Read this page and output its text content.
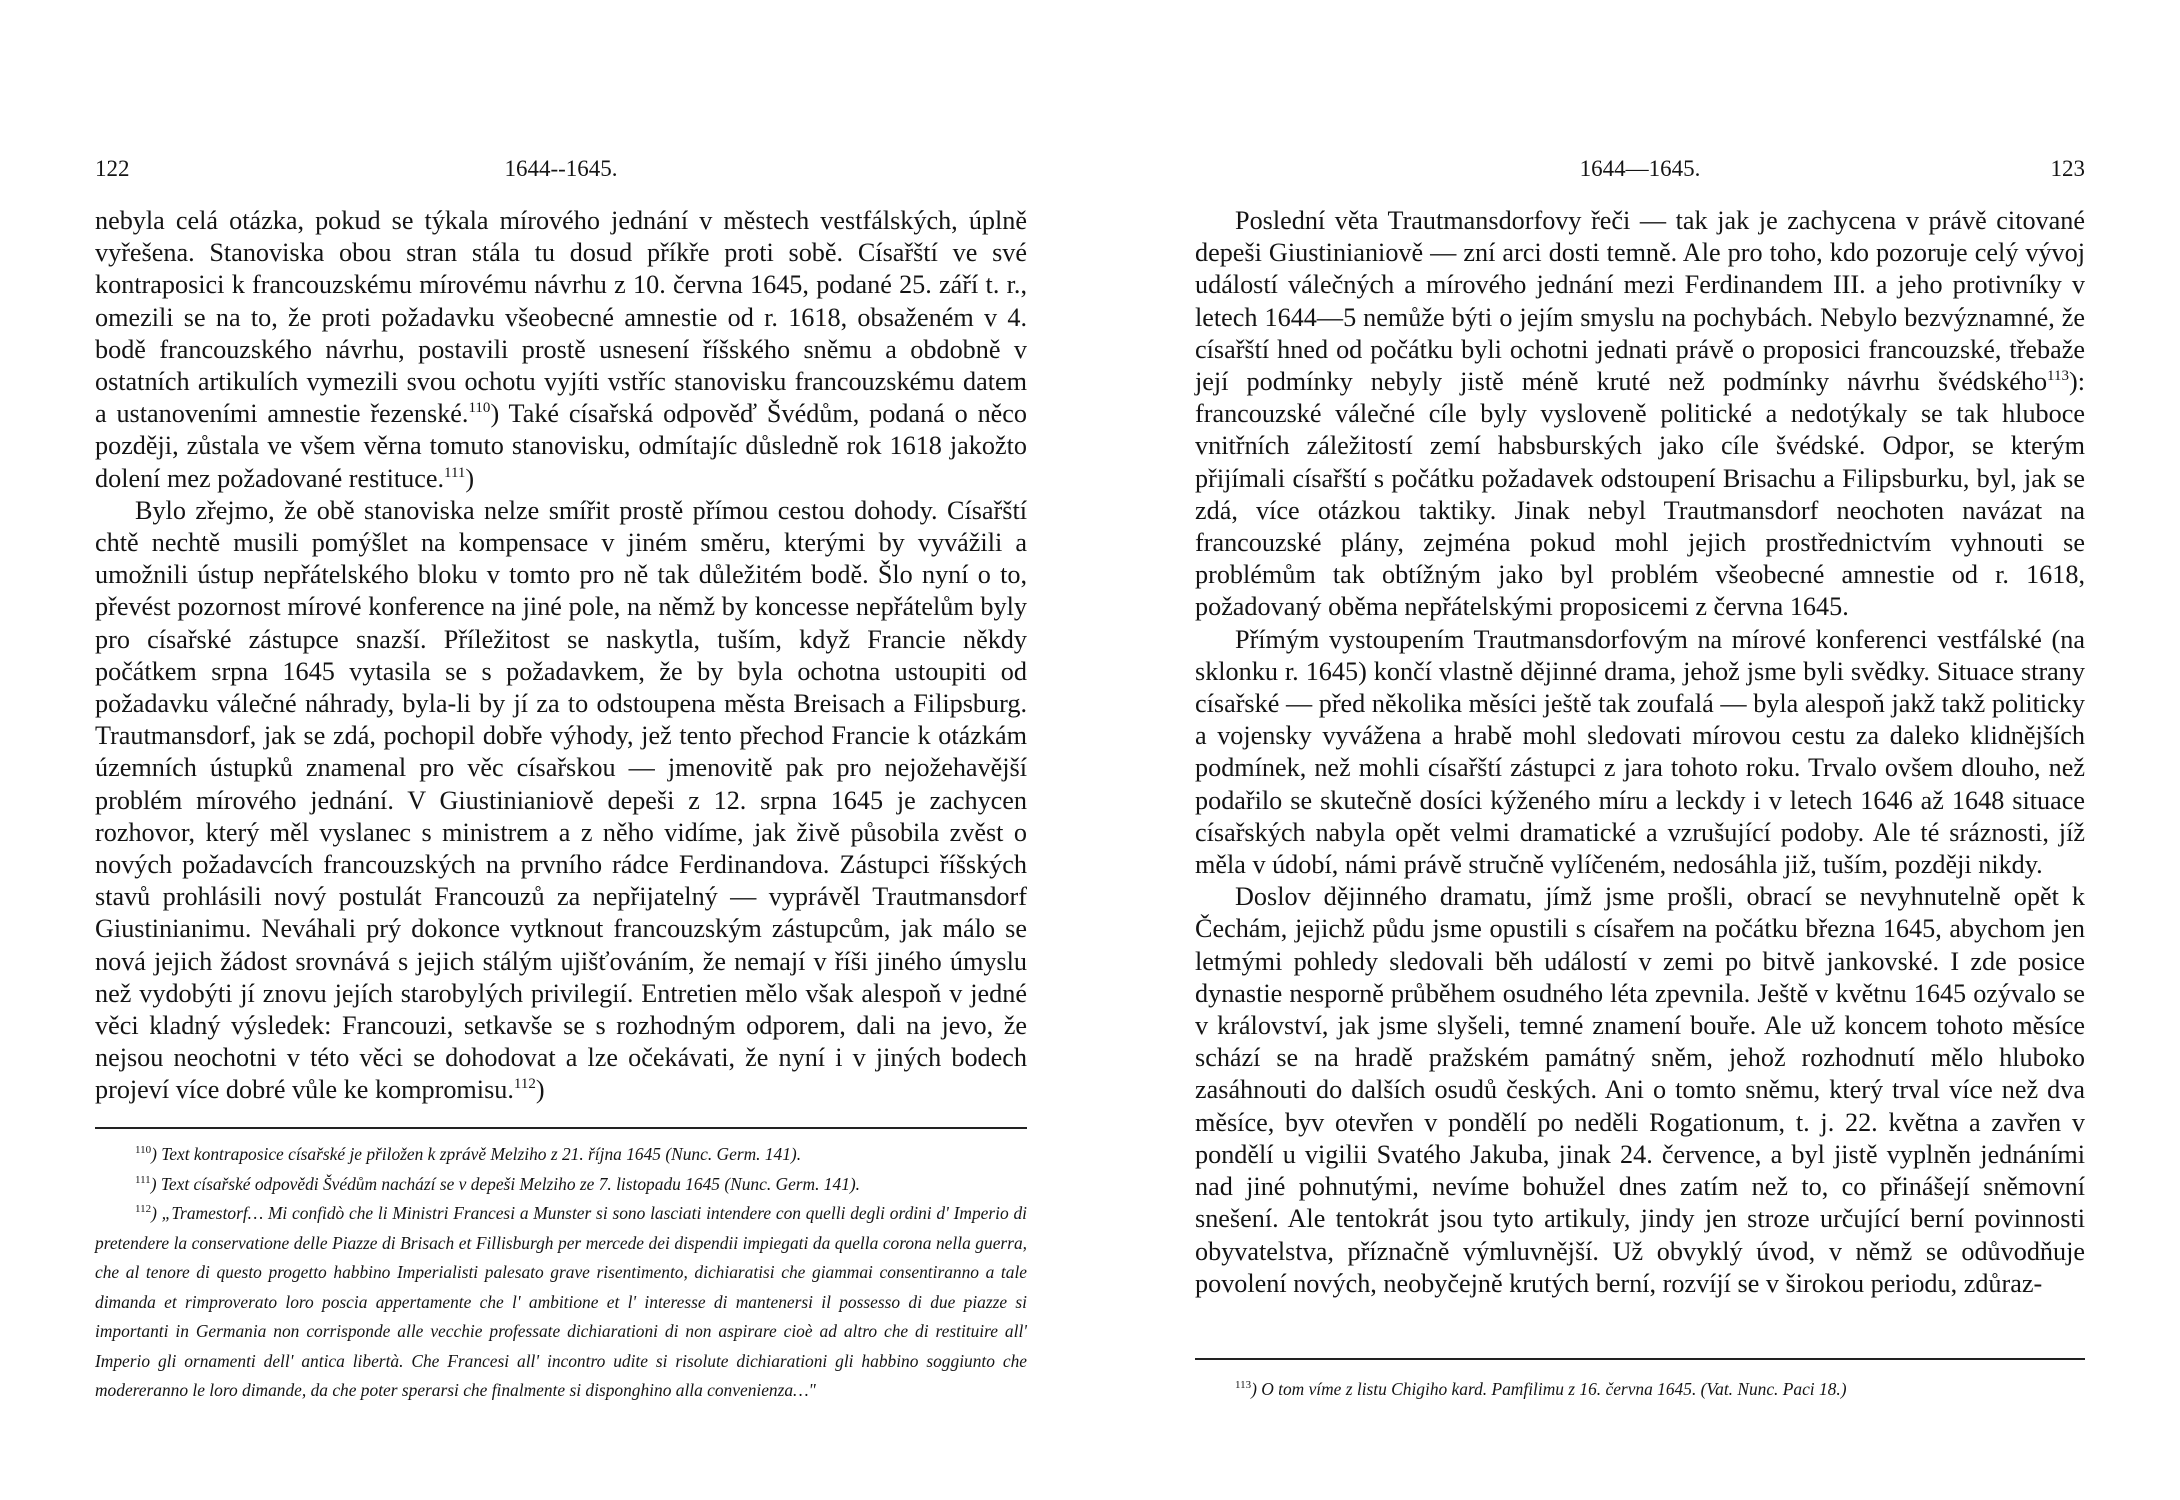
122	1644--1645.

nebyla celá otázka, pokud se týkala mírového jednání v městech vestfálských, úplně vyřešena. Stanoviska obou stran stála tu dosud příkře proti sobě. Císařští ve své kontraposici k francouzskému mírovému návrhu z 10. června 1645, podané 25. září t. r., omezili se na to, že proti požadavku všeobecné amnestie od r. 1618, obsaženém v 4. bodě francouzského návrhu, postavili prostě usnesení říšského sněmu a obdobně v ostatních artikulích vymezili svou ochotu vyjíti vstříc stanovisku francouzskému datem a ustanoveními amnestie řezenské.$^{110}$) Také císařská odpověď Švédům, podaná o něco později, zůstala ve všem věrna tomuto stanovisku, odmítajíc důsledně rok 1618 jakožto dolení mez požadované restituce.$^{111}$)

Bylo zřejmo, že obě stanoviska nelze smířit prostě přímou cestou dohody. Císařští chtě nechtě musili pomýšlet na kompensace v jiném směru, kterými by vyvážili a umožnili ústup nepřátelského bloku v tomto pro ně tak důležitém bodě. Šlo nyní o to, převést pozornost mírové konference na jiné pole, na němž by koncesse nepřátelům byly pro císařské zástupce snazší. Příležitost se naskytla, tuším, když Francie někdy počátkem srpna 1645 vytasila se s požadavkem, že by byla ochotna ustoupiti od požadavku válečné náhrady, byla-li by jí za to odstoupena města Breisach a Filipsburg. Trautmansdorf, jak se zdá, pochopil dobře výhody, jež tento přechod Francie k otázkám územních ústupků znamenal pro věc císařskou — jmenovitě pak pro nejožehavější problém mírového jednání. V Giustinianiově depeši z 12. srpna 1645 je zachycen rozhovor, který měl vyslanec s ministrem a z něho vidíme, jak živě působila zvěst o nových požadavcích francouzských na prvního rádce Ferdinandova. Zástupci říšských stavů prohlásili nový postulát Francouzů za nepřijatelný — vyprávěl Trautmansdorf Giustinianimu. Neváhali prý dokonce vytknout francouzským zástupcům, jak málo se nová jejich žádost srovnává s jejich stálým ujišťováním, že nemají v říši jiného úmyslu než vydobýti jí znovu jejích starobylých privilegií. Entretien mělo však alespoň v jedné věci kladný výsledek: Francouzi, setkavše se s rozhodným odporem, dali na jevo, že nejsou neochotni v této věci se dohodovat a lze očekávati, že nyní i v jiných bodech projeví více dobré vůle ke kompromisu.$^{112}$)

$^{110}$) Text kontraposice císařské je přiložen k zprávě Melziho z 21. října 1645 (Nunc. Germ. 141).

$^{111}$) Text císařské odpovědi Švédům nachází se v depeši Melziho ze 7. listopadu 1645 (Nunc. Germ. 141).

$^{112}$) „Tramestorf… Mi confidò che li Ministri Francesi a Munster si sono lasciati intendere con quelli degli ordini d' Imperio di pretendere la conservatione delle Piazze di Brisach et Fillisburgh per mercede dei dispendii impiegati da quella corona nella guerra, che al tenore di questo progetto habbino Imperialisti palesato grave risentimento, dichiaratisi che giammai consentiranno a tale dimanda et rimproverato loro poscia appertamente che l' ambitione et l' interesse di mantenersi il possesso di due piazze si importanti in Germania non corrisponde alle vecchie professate dichiarationi di non aspirare cioè ad altro che di restituire all' Imperio gli ornamenti dell' antica libertà. Che Francesi all' incontro udite si risolute dichiarationi gli habbino soggiunto che modereranno le loro dimande, da che poter sperarsi che finalmente si disponghino alla convenienza…"

1644—1645.	123

Poslední věta Trautmansdorfovy řeči — tak jak je zachycena v právě citované depeši Giustinianiově — zní arci dosti temně. Ale pro toho, kdo pozoruje celý vývoj událostí válečných a mírového jednání mezi Ferdinandem III. a jeho protivníky v letech 1644—5 nemůže býti o jejím smyslu na pochybách. Nebylo bezvýznamné, že císařští hned od počátku byli ochotni jednati právě o proposici francouzské, třebaže její podmínky nebyly jistě méně kruté než podmínky návrhu švédského$^{113}$): francouzské válečné cíle byly vysloveně politické a nedotýkaly se tak hluboce vnitřních záležitostí zemí habsburských jako cíle švédské. Odpor, se kterým přijímali císařští s počátku požadavek odstoupení Brisachu a Filipsburku, byl, jak se zdá, více otázkou taktiky. Jinak nebyl Trautmansdorf neochoten navázat na francouzské plány, zejména pokud mohl jejich prostřednictvím vyhnouti se problémům tak obtížným jako byl problém všeobecné amnestie od r. 1618, požadovaný oběma nepřátelskými proposicemi z června 1645.

Přímým vystoupením Trautmansdorfovým na mírové konferenci vestfálské (na sklonku r. 1645) končí vlastně dějinné drama, jehož jsme byli svědky. Situace strany císařské — před několika měsíci ještě tak zoufalá — byla alespoň jakž takž politicky a vojensky vyvážena a hrabě mohl sledovati mírovou cestu za daleko klidnějších podmínek, než mohli císařští zástupci z jara tohoto roku. Trvalo ovšem dlouho, než podařilo se skutečně dosíci kýženého míru a leckdy i v letech 1646 až 1648 situace císařských nabyla opět velmi dramatické a vzrušující podoby. Ale té sráznosti, jíž měla v údobí, námi právě stručně vylíčeném, nedosáhla již, tuším, později nikdy.

Doslov dějinného dramatu, jímž jsme prošli, obrací se nevyhnutelně opět k Čechám, jejichž půdu jsme opustili s císařem na počátku března 1645, abychom jen letmými pohledy sledovali běh událostí v zemi po bitvě jankovské. I zde posice dynastie nesporně průběhem osudného léta zpevnila. Ještě v květnu 1645 ozývalo se v království, jak jsme slyšeli, temné znamení bouře. Ale už koncem tohoto měsíce schází se na hradě pražském památný sněm, jehož rozhodnutí mělo hluboko zasáhnouti do dalších osudů českých. Ani o tomto sněmu, který trval více než dva měsíce, byv otevřen v pondělí po neděli Rogationum, t. j. 22. května a zavřen v pondělí u vigilii Svatého Jakuba, jinak 24. července, a byl jistě vyplněn jednáními nad jiné pohnutými, nevíme bohužel dnes zatím než to, co přinášejí sněmovní snešení. Ale tentokrát jsou tyto artikuly, jindy jen stroze určující berní povinnosti obyvatelstva, příznačně výmluvnější. Už obvyklý úvod, v němž se odůvodňuje povolení nových, neobyčejně krutých berní, rozvíjí se v širokou periodu, zdůraz-

$^{113}$) O tom víme z listu Chigiho kard. Pamfilimu z 16. června 1645. (Vat. Nunc. Paci 18.)
